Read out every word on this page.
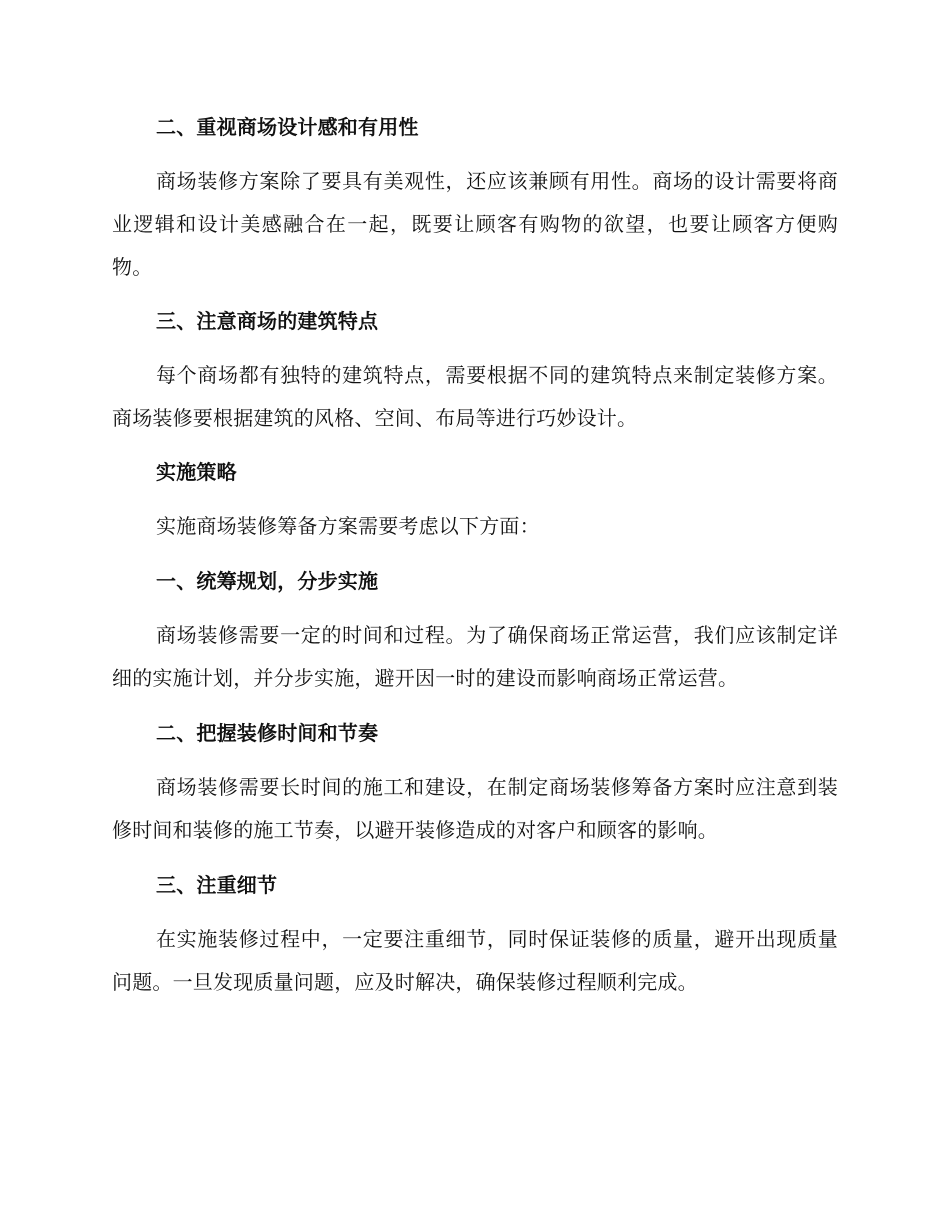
二、重视商场设计感和有用性

商场装修方案除了要具有美观性，还应该兼顾有用性。商场的设计需要将商业逻辑和设计美感融合在一起，既要让顾客有购物的欲望，也要让顾客方便购物。

三、注意商场的建筑特点

每个商场都有独特的建筑特点，需要根据不同的建筑特点来制定装修方案。商场装修要根据建筑的风格、空间、布局等进行巧妙设计。

实施策略

实施商场装修筹备方案需要考虑以下方面：

一、统筹规划，分步实施

商场装修需要一定的时间和过程。为了确保商场正常运营，我们应该制定详细的实施计划，并分步实施，避开因一时的建设而影响商场正常运营。

二、把握装修时间和节奏

商场装修需要长时间的施工和建设，在制定商场装修筹备方案时应注意到装修时间和装修的施工节奏，以避开装修造成的对客户和顾客的影响。

三、注重细节

在实施装修过程中，一定要注重细节，同时保证装修的质量，避开出现质量问题。一旦发现质量问题，应及时解决，确保装修过程顺利完成。
